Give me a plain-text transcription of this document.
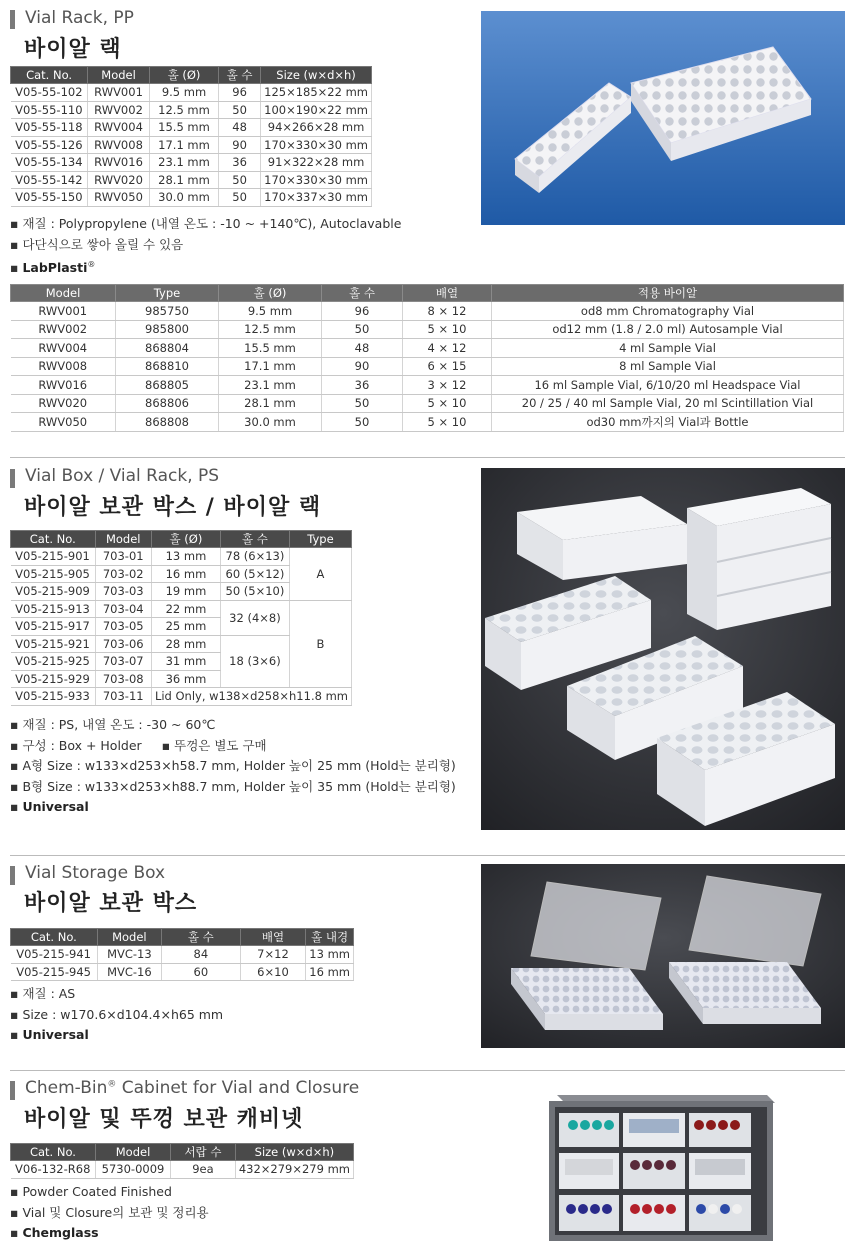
Vial Rack, PP
바이알 랙
Cat. No.	Model	홀 (Ø)	홀 수	Size (w×d×h)
V05-55-102	RWV001	9.5 mm	96	125×185×22 mm
V05-55-110	RWV002	12.5 mm	50	100×190×22 mm
V05-55-118	RWV004	15.5 mm	48	94×266×28 mm
V05-55-126	RWV008	17.1 mm	90	170×330×30 mm
V05-55-134	RWV016	23.1 mm	36	91×322×28 mm
V05-55-142	RWV020	28.1 mm	50	170×330×30 mm
V05-55-150	RWV050	30.0 mm	50	170×337×30 mm
▪ 재질 : Polypropylene (내열 온도 : -10 ~ +140℃), Autoclavable
▪ 다단식으로 쌓아 올릴 수 있음
▪ LabPlasti®
Model	Type	홀 (Ø)	홀 수	배열	적용 바이알
RWV001	985750	9.5 mm	96	8 × 12	od8 mm Chromatography Vial
RWV002	985800	12.5 mm	50	5 × 10	od12 mm (1.8 / 2.0 ml) Autosample Vial
RWV004	868804	15.5 mm	48	4 × 12	4 ml Sample Vial
RWV008	868810	17.1 mm	90	6 × 15	8 ml Sample Vial
RWV016	868805	23.1 mm	36	3 × 12	16 ml Sample Vial, 6/10/20 ml Headspace Vial
RWV020	868806	28.1 mm	50	5 × 10	20 / 25 / 40 ml Sample Vial, 20 ml Scintillation Vial
RWV050	868808	30.0 mm	50	5 × 10	od30 mm까지의 Vial과 Bottle
Vial Box / Vial Rack, PS
바이알 보관 박스 / 바이알 랙
Cat. No.	Model	홀 (Ø)	홀 수	Type
V05-215-901	703-01	13 mm	78 (6×13)	A
V05-215-905	703-02	16 mm	60 (5×12)	
V05-215-909	703-03	19 mm	50 (5×10)	
V05-215-913	703-04	22 mm	32 (4×8)	B
V05-215-917	703-05	25 mm		
V05-215-921	703-06	28 mm	18 (3×6)	
V05-215-925	703-07	31 mm		
V05-215-929	703-08	36 mm		
V05-215-933	703-11	Lid Only, w138×d258×h11.8 mm		
▪ 재질 : PS, 내열 온도 : -30 ~ 60℃
▪ 구성 : Box + Holder ▪ 뚜껑은 별도 구매
▪ A형 Size : w133×d253×h58.7 mm, Holder 높이 25 mm (Hold는 분리형)
▪ B형 Size : w133×d253×h88.7 mm, Holder 높이 35 mm (Hold는 분리형)
▪ Universal
Vial Storage Box
바이알 보관 박스
Cat. No.	Model	홀 수	배열	홀 내경
V05-215-941	MVC-13	84	7×12	13 mm
V05-215-945	MVC-16	60	6×10	16 mm
▪ 재질 : AS
▪ Size : w170.6×d104.4×h65 mm
▪ Universal
Chem-Bin® Cabinet for Vial and Closure
바이알 및 뚜껑 보관 캐비넷
Cat. No.	Model	서랍 수	Size (w×d×h)
V06-132-R68	5730-0009	9ea	432×279×279 mm
▪ Powder Coated Finished
▪ Vial 및 Closure의 보관 및 정리용
▪ Chemglass
